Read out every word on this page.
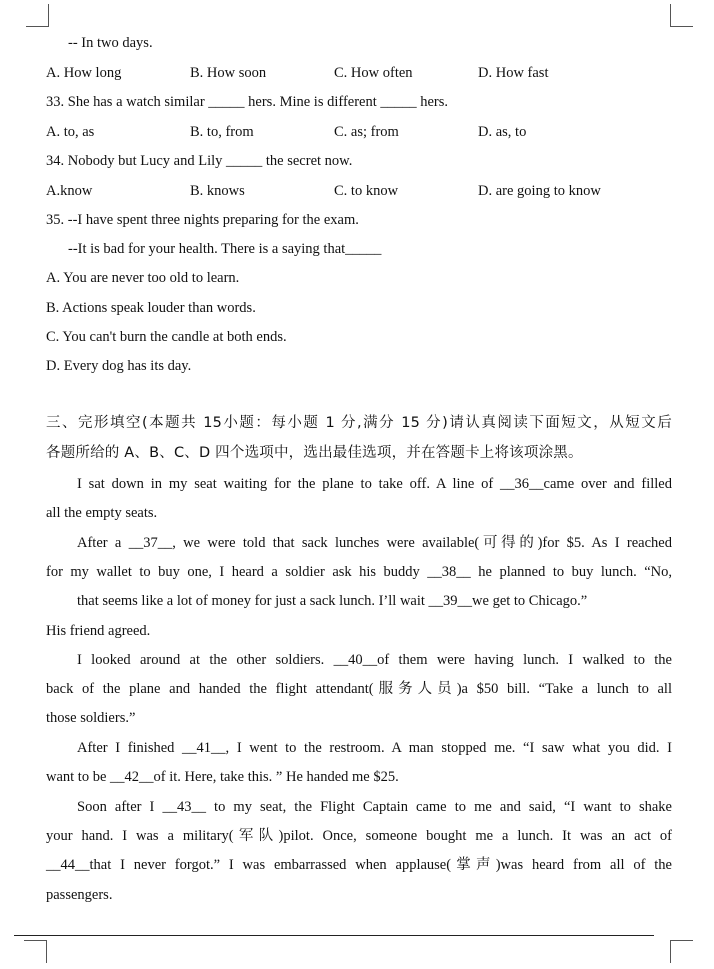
-- In two days.
A. How long	B. How soon	C. How often	D. How fast
33. She has a watch similar _____ hers. Mine is different _____ hers.
A. to, as	B. to, from	C. as; from	D. as, to
34. Nobody but Lucy and Lily _____ the secret now.
A.know	B. knows	C. to know	D. are going to know
35. --I have spent three nights preparing for the exam.
--It is bad for your health. There is a saying that_____
A. You are never too old to learn.
B. Actions speak louder than words.
C. You can't burn the candle at both ends.
D. Every dog has its day.
三、完形填空(本题共 15小题：每小题 1 分,满分 15 分)请认真阅读下面短文，从短文后
各题所给的 A、B、C、D 四个选项中，选出最佳选项，并在答题卡上将该项涂黑。
I sat down in my seat waiting for the plane to take off. A line of __36__came over and filled
all the empty seats.
After a __37__, we were told that sack lunches were available(可得的)for $5. As I reached
for my wallet to buy one, I heard a soldier ask his buddy __38__ he planned to buy lunch. “No,
that seems like a lot of money for just a sack lunch. I’ll wait __39__we get to Chicago.”
His friend agreed.
I looked around at the other soldiers. __40__of them were having lunch. I walked to the
back of the plane and handed the flight attendant(服务人员)a $50 bill. “Take a lunch to all
those soldiers.”
After I finished __41__, I went to the restroom. A man stopped me. “I saw what you did. I
want to be __42__of it. Here, take this. ” He handed me $25.
Soon after I __43__ to my seat, the Flight Captain came to me and said, “I want to shake
your hand. I was a military(军队)pilot. Once, someone bought me a lunch. It was an act of
__44__that I never forgot.” I was embarrassed when applause(掌声)was heard from all of the
passengers.
